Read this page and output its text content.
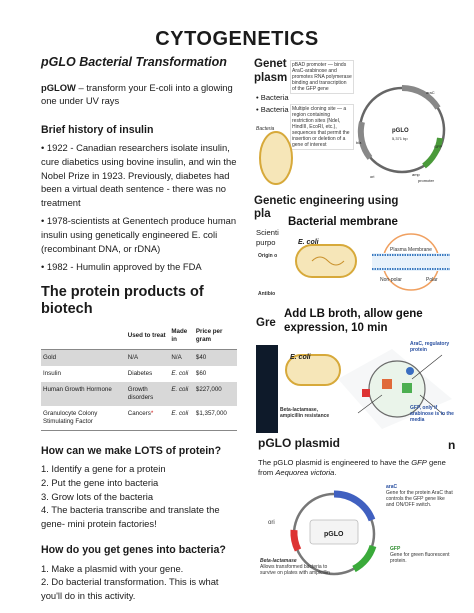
CYTOGENETICS
pGLO Bacterial Transformation

pGLOW – transform your E-coli into a glowing one under UV rays

Brief history of insulin

• 1922 - Canadian researchers isolate insulin, cure diabetics using bovine insulin, and win the Nobel Prize in 1923. Previously, diabetes had been a virtual death sentence - there was no treatment

• 1978-scientists at Genentech produce human insulin using genetically engineered E. coli (recombinant DNA, or rDNA)

• 1982 - Humulin approved by the FDA

The protein products of biotech
	Used to treat	Made in	Price per gram
Gold	N/A	N/A	$40
Insulin	Diabetes	E. coli	$60
Human Growth Hormone	Growth disorders	E. coli	$227,000
Granulocyte Colony Stimulating Factor	Cancers*	E. coli	$1,357,000
How can we make LOTS of protein?

1. Identify a gene for a protein

2. Put the gene into bacteria

3. Grow lots of the bacteria

4. The bacteria transcribe and translate the gene- mini protein factories!

How do you get genes into bacteria?

1. Make a plasmid with your gene.

2. Do bacterial transformation. This is what you'll do in this activity.

Genet
plasm
• Bacteria
• Bacteria
pBAD promoter — binds AraC-arabinose and promotes RNA polymerase binding and transcription of the GFP gene
Multiple cloning site — a region containing restriction sites (NdeI, HindIII, EcoRI, etc.), sequences that permit the insertion or deletion of a gene of interest
Bacteria	pGLO
5,371 bp
araC
GFP
bla
ori	amp
promoter
Genetic engineering using
pla
Scienti
purpo
Origin o
Antibio
Bacterial membrane
E. coli
Plasma Membrane
Non-polar	Polar
Gre
Add LB broth, allow gene
expression, 10 min
E. coli
AraC, regulatory protein
Beta-lactamase, ampicillin resistance
GFP, only if arabinose is in the media
pGLO plasmid	n
The pGLO plasmid is engineered to have the GFP gene from Aequorea victoria.
pGLO
ori
araC
Gene for the protein AraC that controls the GFP gene like and ON/OFF switch.
GFP
Gene for green fluorescent protein.
Beta-lactamase
Allows transformed bacteria to survive on plates with ampicillin
